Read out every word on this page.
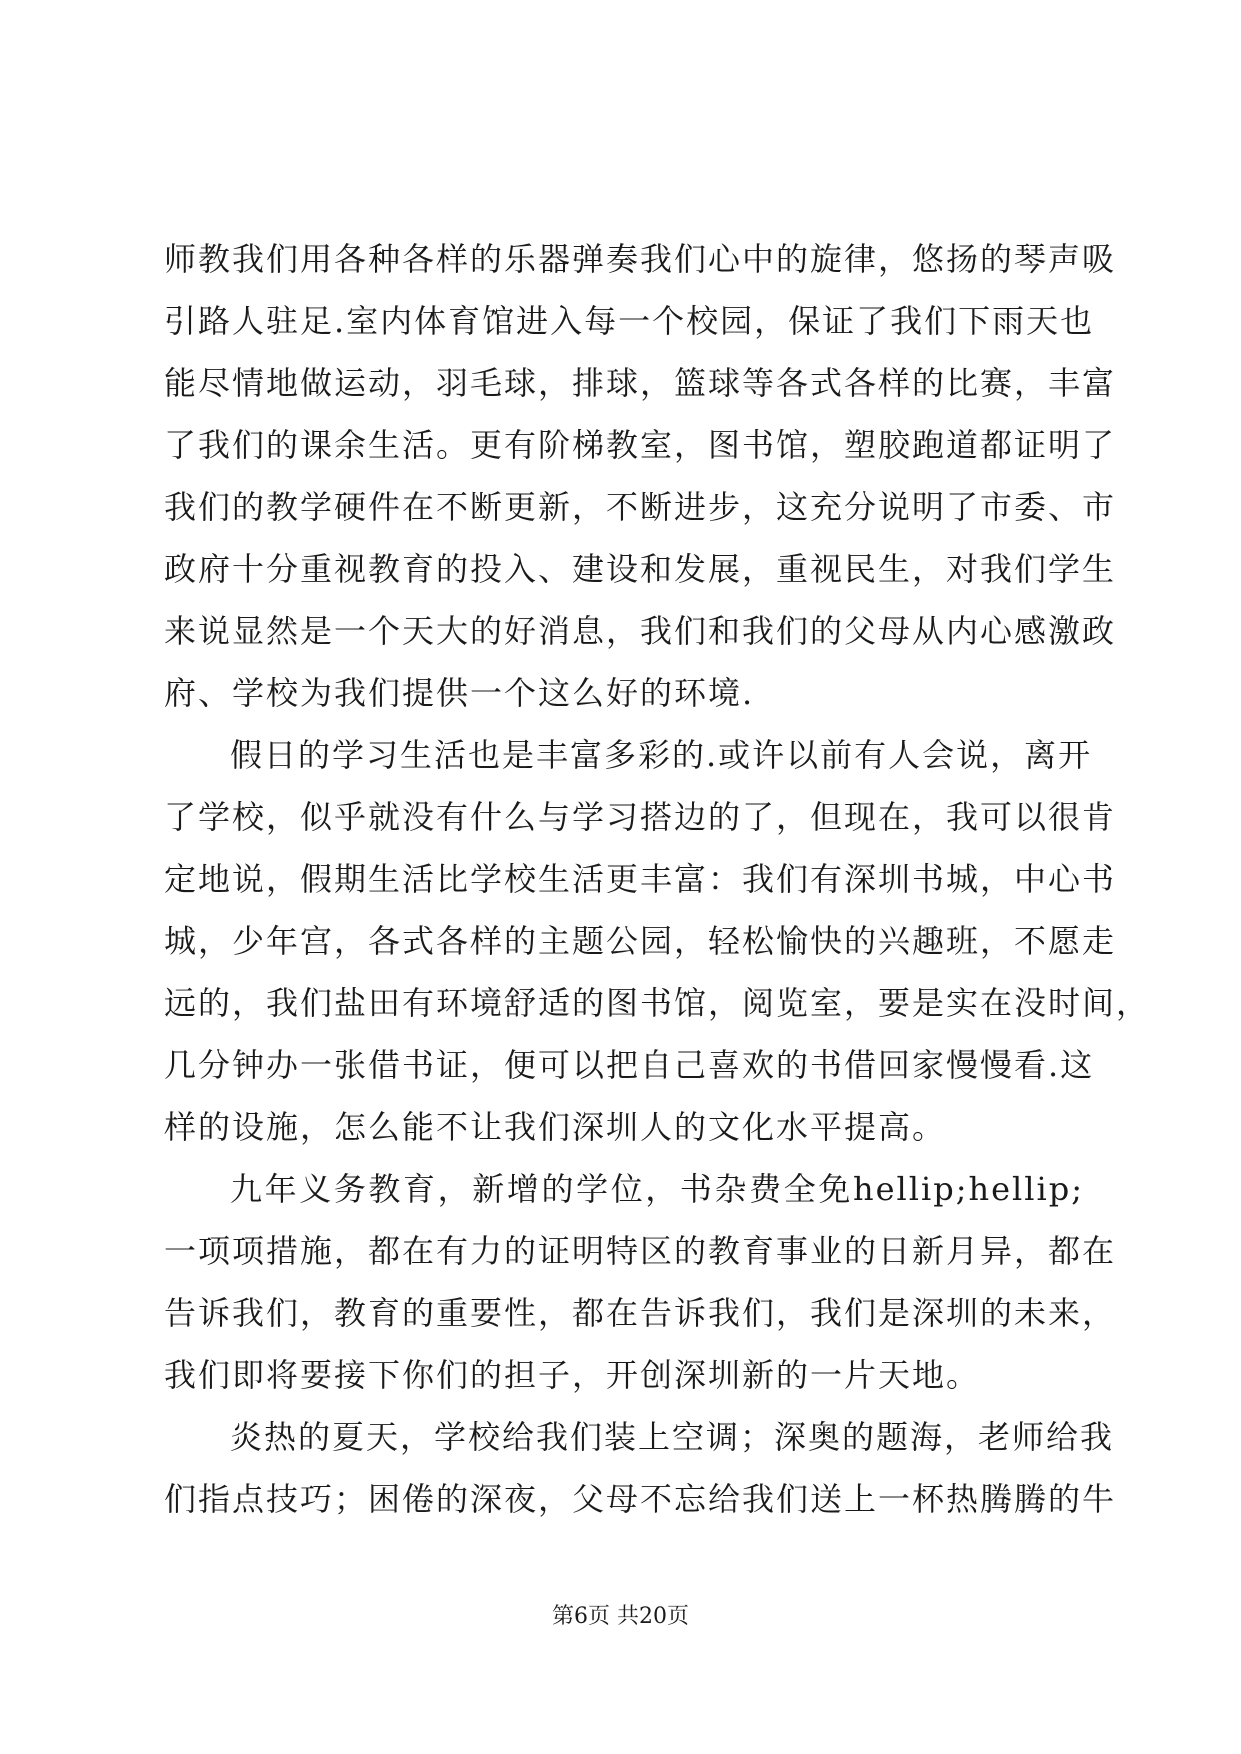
师教我们用各种各样的乐器弹奏我们心中的旋律，悠扬的琴声吸
引路人驻足.室内体育馆进入每一个校园，保证了我们下雨天也
能尽情地做运动，羽毛球，排球，篮球等各式各样的比赛，丰富
了我们的课余生活。更有阶梯教室，图书馆，塑胶跑道都证明了
我们的教学硬件在不断更新，不断进步，这充分说明了市委、市
政府十分重视教育的投入、建设和发展，重视民生，对我们学生
来说显然是一个天大的好消息，我们和我们的父母从内心感激政
府、学校为我们提供一个这么好的环境.
假日的学习生活也是丰富多彩的.或许以前有人会说，离开
了学校，似乎就没有什么与学习搭边的了，但现在，我可以很肯
定地说，假期生活比学校生活更丰富：我们有深圳书城，中心书
城，少年宫，各式各样的主题公园，轻松愉快的兴趣班，不愿走
远的，我们盐田有环境舒适的图书馆，阅览室，要是实在没时间，
几分钟办一张借书证，便可以把自己喜欢的书借回家慢慢看.这
样的设施，怎么能不让我们深圳人的文化水平提高。
九年义务教育，新增的学位，书杂费全免hellip;hellip;
一项项措施，都在有力的证明特区的教育事业的日新月异，都在
告诉我们，教育的重要性，都在告诉我们，我们是深圳的未来，
我们即将要接下你们的担子，开创深圳新的一片天地。
炎热的夏天，学校给我们装上空调；深奥的题海，老师给我
们指点技巧；困倦的深夜，父母不忘给我们送上一杯热腾腾的牛
第6页 共20页
